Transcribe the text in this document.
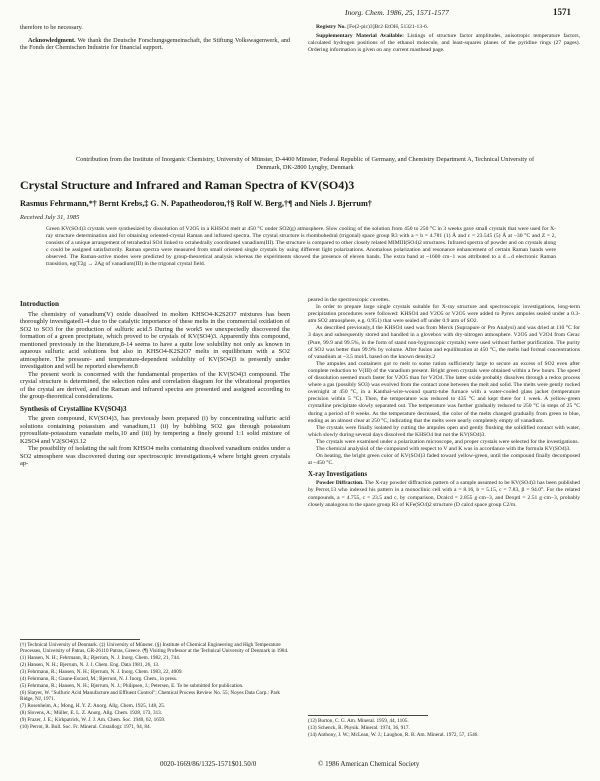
Inorg. Chem. 1986, 25, 1571-1577	1571
therefore to be necessary.

Acknowledgment. We thank the Deutsche Forschungsgemeinschaft, the Stiftung Volkswagenwerk, and the Fonds der Chemischen Industrie for financial support.

Registry No. [Fe(2-pic)3]Br2·EtOH, 51321-13-6.

Supplementary Material Available: Listings of structure factor amplitudes, anisotropic temperature factors, calculated hydrogen positions of the ethanol molecule, and least-squares planes of the pyridine rings (27 pages). Ordering information is given on any current masthead page.

Contribution from the Institute of Inorganic Chemistry, University of Münster, D-4400 Münster, Federal Republic of Germany, and Chemistry Department A, Technical University of Denmark, DK-2800 Lyngby, Denmark
Crystal Structure and Infrared and Raman Spectra of KV(SO4)3
Rasmus Fehrmann,*† Bernt Krebs,‡ G. N. Papatheodorou,†§ Rolf W. Berg,†¶ and Niels J. Bjerrum†
Received July 31, 1985
Green KV(SO4)3 crystals were synthesized by dissolution of V2O5 in a KHSO4 melt at 450 °C under SO2(g) atmosphere. Slow cooling of the solution from 450 to 250 °C in 3 weeks gave small crystals that were used for X-ray structure determination and for obtaining oriented-crystal Raman and infrared spectra. The crystal structure is rhombohedral (trigonal) space group R3 with a = b = 4.781 (1) Å and c = 23.545 (5) Å at −30 °C and Z = 2, consists of a unique arrangement of tetrahedral SO4 linked to octahedrally coordinated vanadium(III). The structure is compared to other closely related MIMIII(SO4)2 structures. Infrared spectra of powder and on crystals along c could be assigned satisfactorily. Raman spectra were measured from small oriented single crystals by using different light polarizations. Anomalous polarization and resonance enhancement of certain Raman bands were observed. The Raman-active modes were predicted by group-theoretical analysis whereas the experiments showed the presence of eleven bands. The extra band at ~1600 cm−1 was attributed to a d→d electronic Raman transition, eg(T2g → 2Ag of vanadium(III) in the trigonal crystal field.
Introduction

The chemistry of vanadium(V) oxide dissolved in molten KHSO4-K2S2O7 mixtures has been thoroughly investigated1-4 due to the catalytic importance of these melts in the commercial oxidation of SO2 to SO3 for the production of sulfuric acid.5 During the work5 we unexpectedly discovered the formation of a green precipitate, which proved to be crystals of KV(SO4)3. Apparently this compound, mentioned previously in the literature,8-14 seems to have a quite low solubility not only as known in aqueous sulfuric acid solutions but also in KHSO4-K2S2O7 melts in equilibrium with a SO2 atmosphere. The pressure- and temperature-dependent solubility of KV(SO4)3 is presently under investigation and will be reported elsewhere.8

The present work is concerned with the fundamental properties of the KV(SO4)3 compound. The crystal structure is determined, the selection rules and correlation diagram for the vibrational properties of the crystal are derived, and the Raman and infrared spectra are presented and assigned according to the group-theoretical considerations.

Synthesis of Crystalline KV(SO4)3

The green compound, KV(SO4)3, has previously been prepared (i) by concentrating sulfuric acid solutions containing potassium and vanadium,11 (ii) by bubbling SO2 gas through potassium pyrosulfate-potassium vanadate melts,10 and (iii) by tempering a finely ground 1:1 solid mixture of K2SO4 and V2(SO4)3.12

The possibility of isolating the salt from KHSO4 melts containing dissolved vanadium oxides under a SO2 atmosphere was discovered during our spectroscopic investigations,4 where bright green crystals ap-

peared in the spectroscopic cuvettes.

In order to prepare large single crystals suitable for X-ray structure and spectroscopic investigations, long-term precipitation procedures were followed: KHSO4 and V2O5 or V2O5 were added to Pyrex ampules sealed under a 0.3-atm SO2 atmosphere, e.g. 0.951) that were sealed off under 0.9 atm of SO2.

As described previously,4 the KHSO4 used was from Merck (Suprapure or Pro Analysi) and was dried at 110 °C for 3 days and subsequently stored and handled in a glovebox with dry-nitrogen atmosphere. V2O5 and V2O4 from Cerac (Pure, 99.9 and 99.5%, in the form of stand non-hygroscopic crystals) were used without further purification. The purity of SO2 was better than 99.9% by volume. After fusion and equilibration at 450 °C, the melts had formal concentrations of vanadium at ~3.5 mol/L based on the known density.2

The ampules and containers got to melt to some ration sufficiently large to secure an excess of SO2 even after complete reduction to V(III) of the vanadium present. Bright green crystals were obtained within a few hours. The speed of dissolution seemed much faster for V2O5 than for V2O4. The latter oxide probably dissolves through a redox process where a gas (possibly SO3) was evolved from the contact zone between the melt and solid. The melts were gently rocked overnight at 450 °C, in a Kanthal-wire-wound quartz-tube furnace with a water-cooled glass jacket (temperature precision within 5 °C). Then, the temperature was reduced to 435 °C and kept there for 1 week. A yellow-green crystalline precipitate slowly separated out. The temperature was further gradually reduced to 250 °C in steps of 25 °C during a period of 8 weeks. As the temperature decreased, the color of the melts changed gradually from green to blue, ending as an almost clear at 250 °C, indicating that the melts were nearly completely empty of vanadium.

The crystals were finally isolated by cutting the ampules open and gently flushing the solidified contact with water, which slowly during several days dissolved the KHSO4 but not the KV(SO4)3.

The crystals were examined under a polarization microscope, and proper crystals were selected for the investigations.

The chemical analysis4 of the compound with respect to V and K was in accordance with the formula KV(SO4)3.

On heating, the bright green color of KV(SO4)3 faded toward yellow-green, until the compound finally decomposed at ~450 °C.

X-ray Investigations

Powder Diffraction. The X-ray powder diffraction pattern of a sample assumed to be KV(SO4)3 has been published by Perrot,13 who indexed his pattern in a monoclinic cell with a = 8.16, b = 5.15, c = 7.83, β = 94.0°. For the related compounds, a = 4.755, c = 23.5 and c, by comparison, Dcalcd = 2.855 g·cm−3, and Dexptl = 2.51 g·cm−3, probably closely analogous to the space group R3 of KFe(SO4)2 structure (D calcd space group C2/m.

(†) Technical University of Denmark. (‡) University of Münster. (§) Institute of Chemical Engineering and High Temperature Processes, University of Patras, GR-26110 Patras, Greece. (¶) Visiting Professor at the Technical University of Denmark in 1984.

(1) Hansen, N. H.; Fehrmann, R.; Bjerrum, N. J. Inorg. Chem. 1982, 21, 744.

(2) Hansen, N. H.; Bjerrum, N. J. J. Chem. Eng. Data 1981, 26, 13.

(3) Fehrmann, R.; Hansen, N. H.; Bjerrum, N. J. Inorg. Chem. 1983, 22, 4009.

(4) Fehrmann, R.; Gaune-Escard, M.; Bjerrum, N. J. Inorg. Chem., in press.

(5) Fehrmann, R.; Hansen, N. H.; Bjerrum, N. J.; Philipsen, J.; Petersen, E. To be submitted for publication.

(6) Slatyer, W. "Sulfuric Acid Manufacture and Effluent Control"; Chemical Process Review No. 55; Noyes Data Corp.: Park Ridge, NJ, 1971.

(7) Rosenheim, A.; Mong, H. Y. Z. Anorg. Allg. Chem. 1925, 148, 25.

(8) Slovens, A.; Müller, E. L. Z. Anorg. Allg. Chem. 1928, 173, 313.

(9) Frazer, J. E.; Kirkpatrick, W. J. J. Am. Chem. Soc. 1940, 62, 1659.

(10) Perrot, R. Bull. Soc. Fr. Mineral. Cristallogr. 1971, 94, 84.

(12) Burton, C. G. Am. Mineral. 1959, 44, 1105.

(13) Schenck, R. Physik. Mineral. 1974, 36, 917.

(14) Anthony, J. W.; McLean, W. J.; Laughon, R. B. Am. Mineral. 1972, 57, 1546.

0020-1669/86/1325-1571$01.50/0	© 1986 American Chemical Society
